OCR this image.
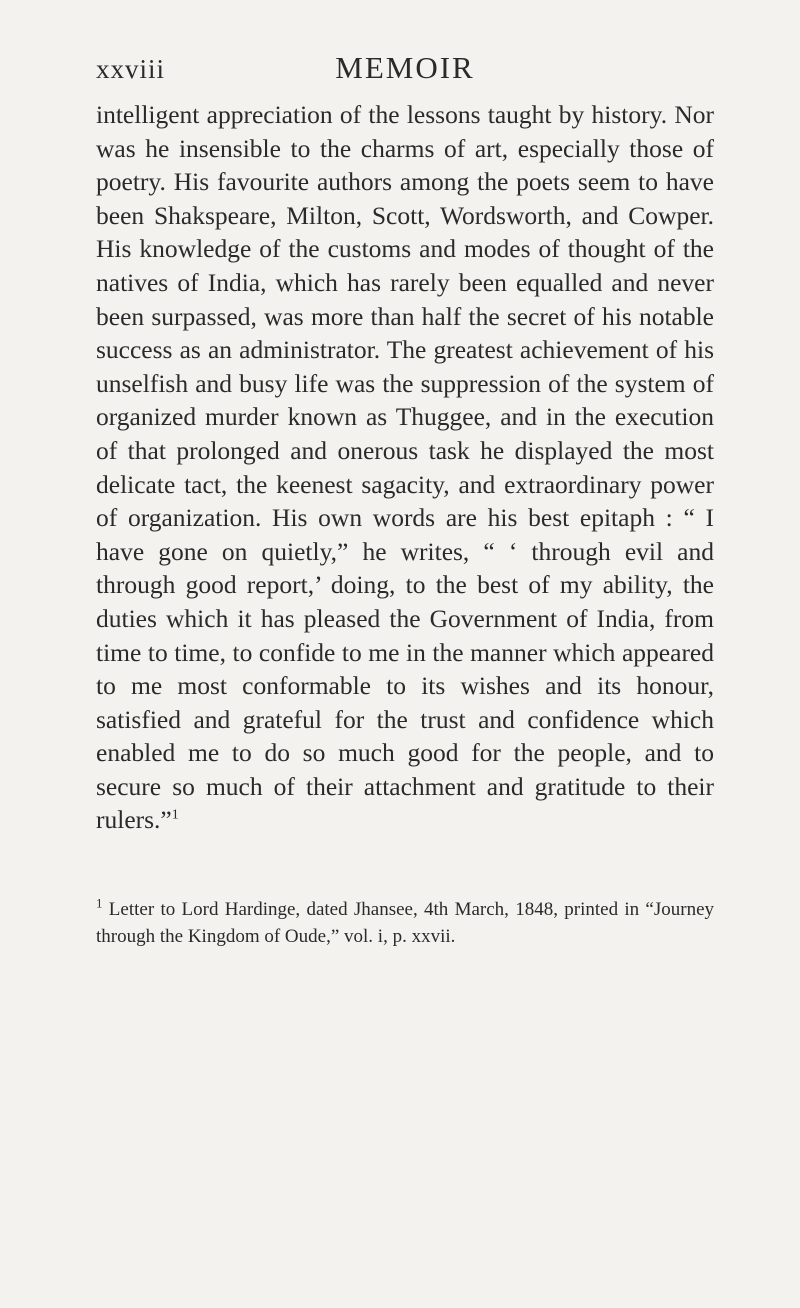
xxviii	MEMOIR

intelligent appreciation of the lessons taught by history. Nor was he insensible to the charms of art, especially those of poetry. His favourite authors among the poets seem to have been Shakspeare, Milton, Scott, Wordsworth, and Cowper. His knowledge of the customs and modes of thought of the natives of India, which has rarely been equalled and never been surpassed, was more than half the secret of his notable success as an administrator. The greatest achievement of his unselfish and busy life was the suppression of the system of organized murder known as Thuggee, and in the execution of that prolonged and onerous task he displayed the most delicate tact, the keenest sagacity, and extraordinary power of organization. His own words are his best epitaph : “ I have gone on quietly,” he writes, “ ‘ through evil and through good report,’ doing, to the best of my ability, the duties which it has pleased the Government of India, from time to time, to confide to me in the manner which appeared to me most conformable to its wishes and its honour, satisfied and grateful for the trust and confidence which enabled me to do so much good for the people, and to secure so much of their attachment and gratitude to their rulers.”$^1$

$^1$ Letter to Lord Hardinge, dated Jhansee, 4th March, 1848, printed in “Journey through the Kingdom of Oude,” vol. i, p. xxvii.
